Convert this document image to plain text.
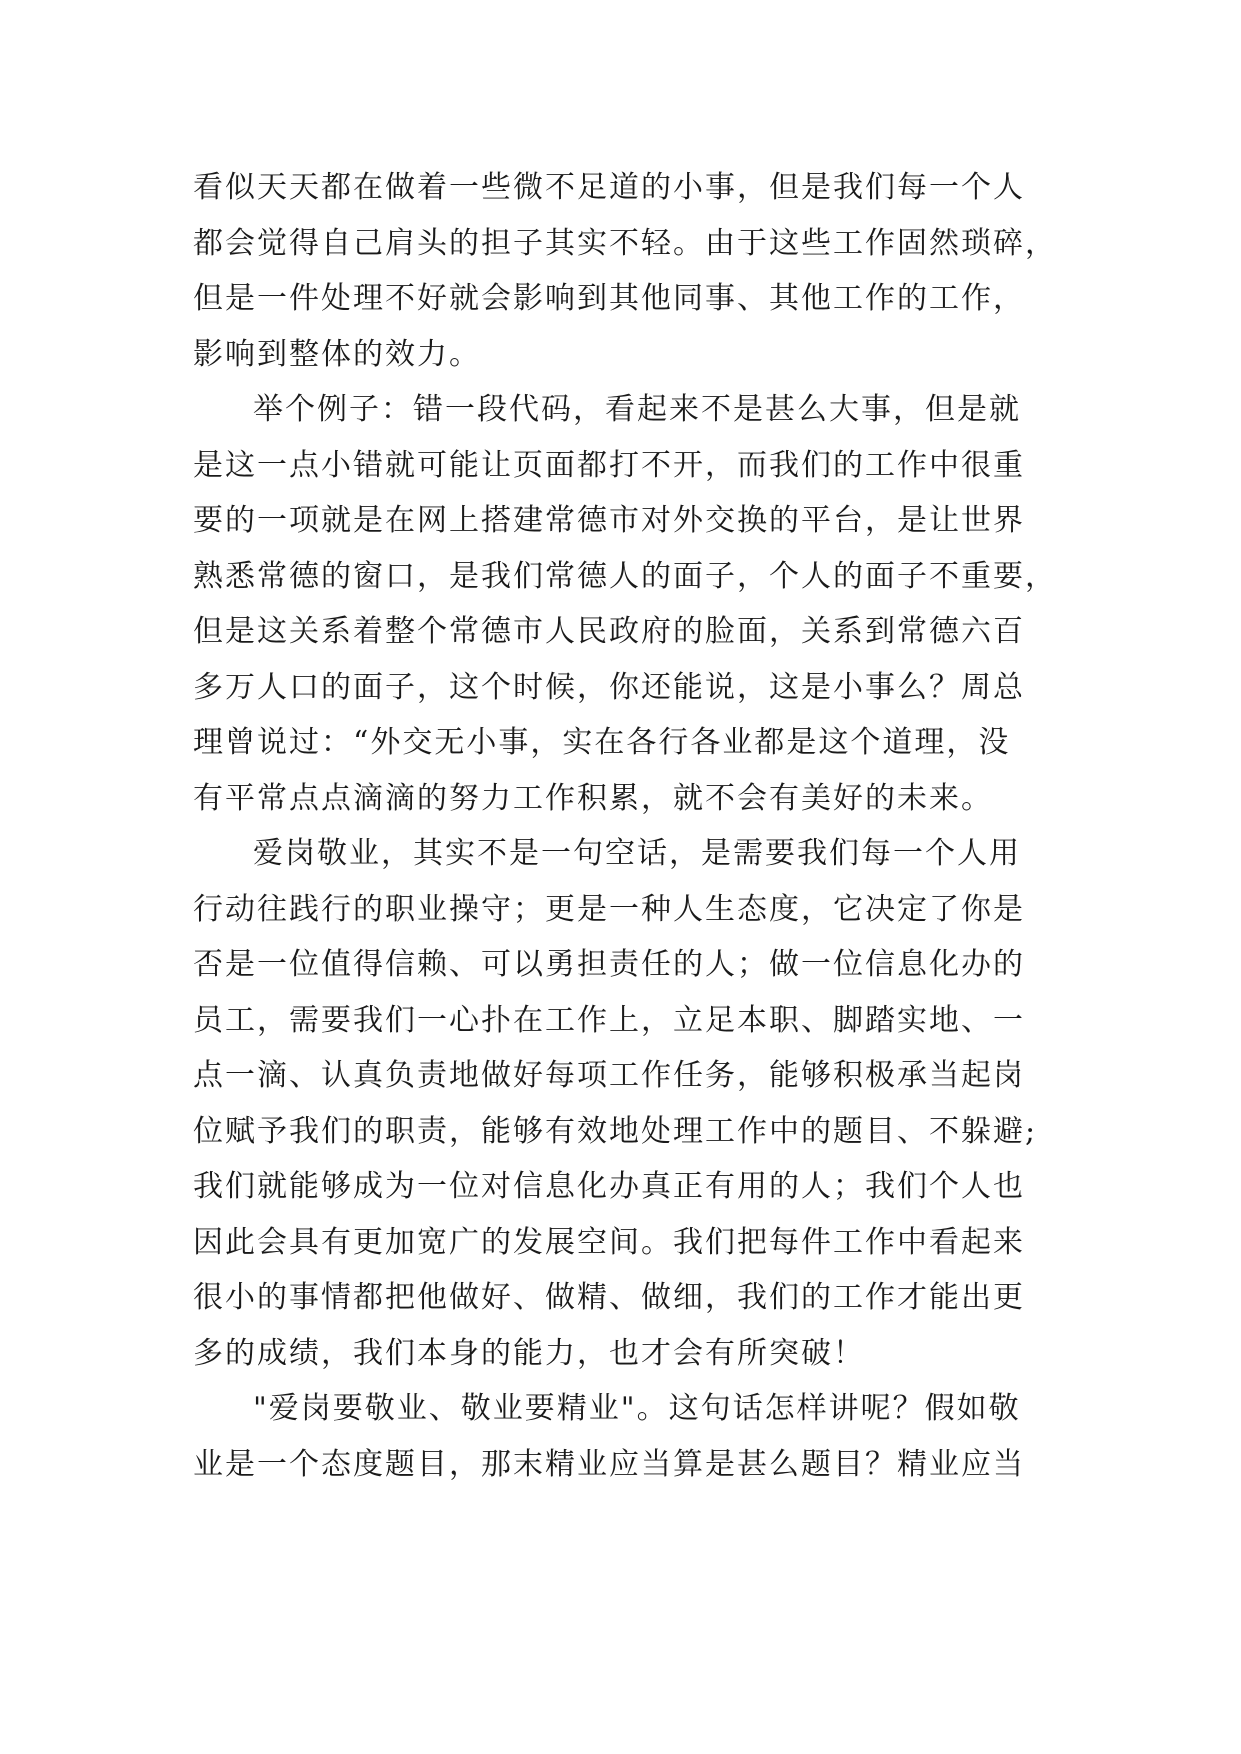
看似天天都在做着一些微不足道的小事，但是我们每一个人
都会觉得自己肩头的担子其实不轻。由于这些工作固然琐碎，
但是一件处理不好就会影响到其他同事、其他工作的工作，
影响到整体的效力。
举个例子：错一段代码，看起来不是甚么大事，但是就
是这一点小错就可能让页面都打不开，而我们的工作中很重
要的一项就是在网上搭建常德市对外交换的平台，是让世界
熟悉常德的窗口，是我们常德人的面子，个人的面子不重要，
但是这关系着整个常德市人民政府的脸面，关系到常德六百
多万人口的面子，这个时候，你还能说，这是小事么？周总
理曾说过：“外交无小事，实在各行各业都是这个道理，没
有平常点点滴滴的努力工作积累，就不会有美好的未来。
爱岗敬业，其实不是一句空话，是需要我们每一个人用
行动往践行的职业操守；更是一种人生态度，它决定了你是
否是一位值得信赖、可以勇担责任的人；做一位信息化办的
员工，需要我们一心扑在工作上，立足本职、脚踏实地、一
点一滴、认真负责地做好每项工作任务，能够积极承当起岗
位赋予我们的职责，能够有效地处理工作中的题目、不躲避;
我们就能够成为一位对信息化办真正有用的人；我们个人也
因此会具有更加宽广的发展空间。我们把每件工作中看起来
很小的事情都把他做好、做精、做细，我们的工作才能出更
多的成绩，我们本身的能力，也才会有所突破！
"爱岗要敬业、敬业要精业"。这句话怎样讲呢？假如敬
业是一个态度题目，那末精业应当算是甚么题目？精业应当
